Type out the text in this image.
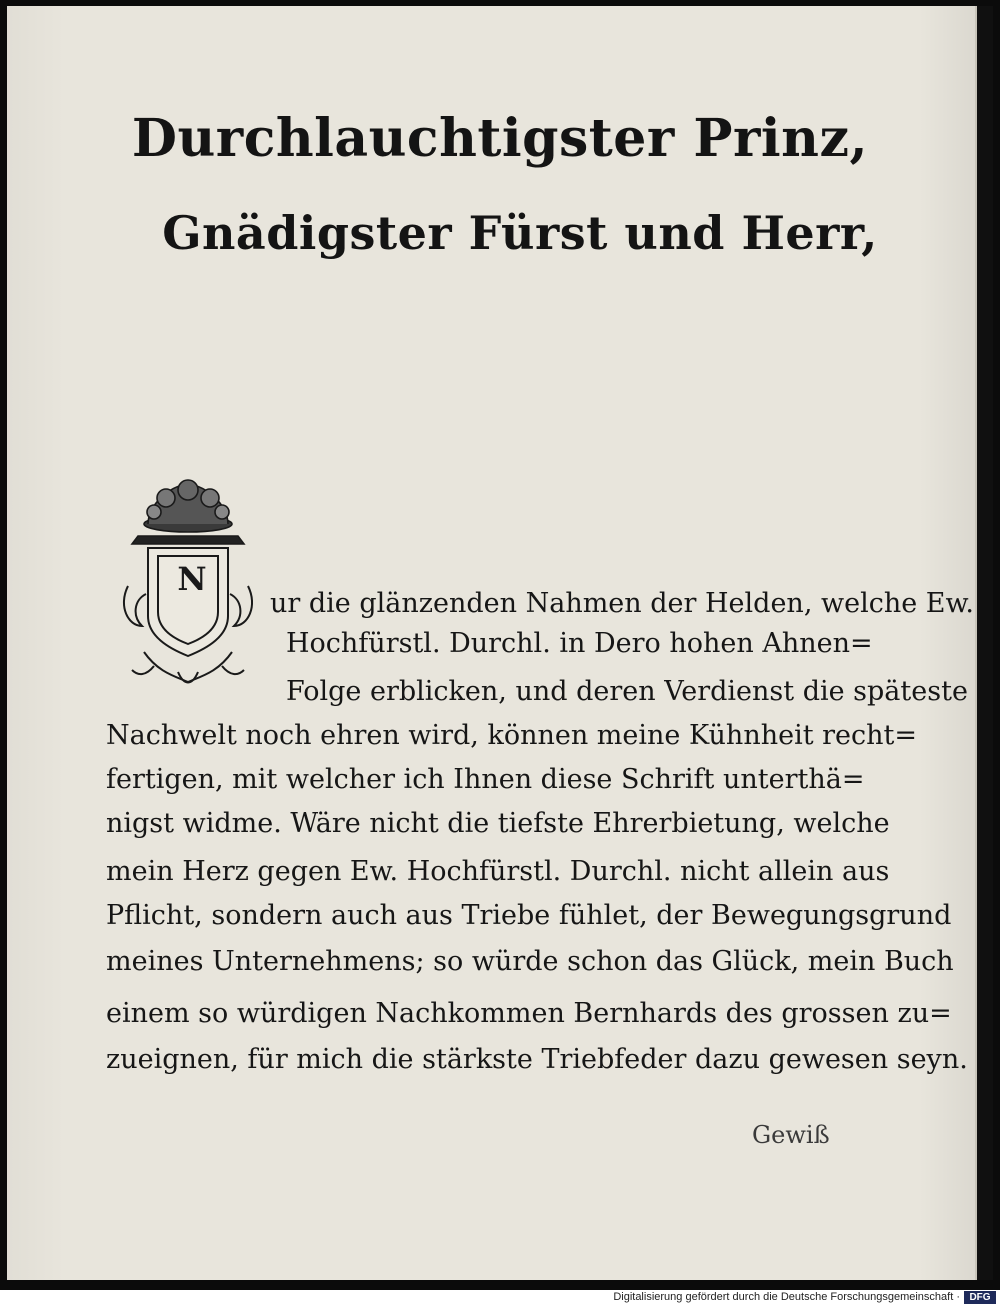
Durchlauchtigster Prinz,
Gnädigster Fürst und Herr,
N
ur die glänzenden Nahmen der Helden, welche Ew.
Hochfürstl. Durchl. in Dero hohen Ahnen=
Folge erblicken, und deren Verdienst die späteste
Nachwelt noch ehren wird, können meine Kühnheit recht=
fertigen, mit welcher ich Ihnen diese Schrift unterthä=
nigst widme. Wäre nicht die tiefste Ehrerbietung, welche
mein Herz gegen Ew. Hochfürstl. Durchl. nicht allein aus
Pflicht, sondern auch aus Triebe fühlet, der Bewegungsgrund
meines Unternehmens; so würde schon das Glück, mein Buch
einem so würdigen Nachkommen Bernhards des grossen zu=
zueignen, für mich die stärkste Triebfeder dazu gewesen seyn.
Gewiß
Digitalisierung gefördert durch die Deutsche Forschungsgemeinschaft · DFG
